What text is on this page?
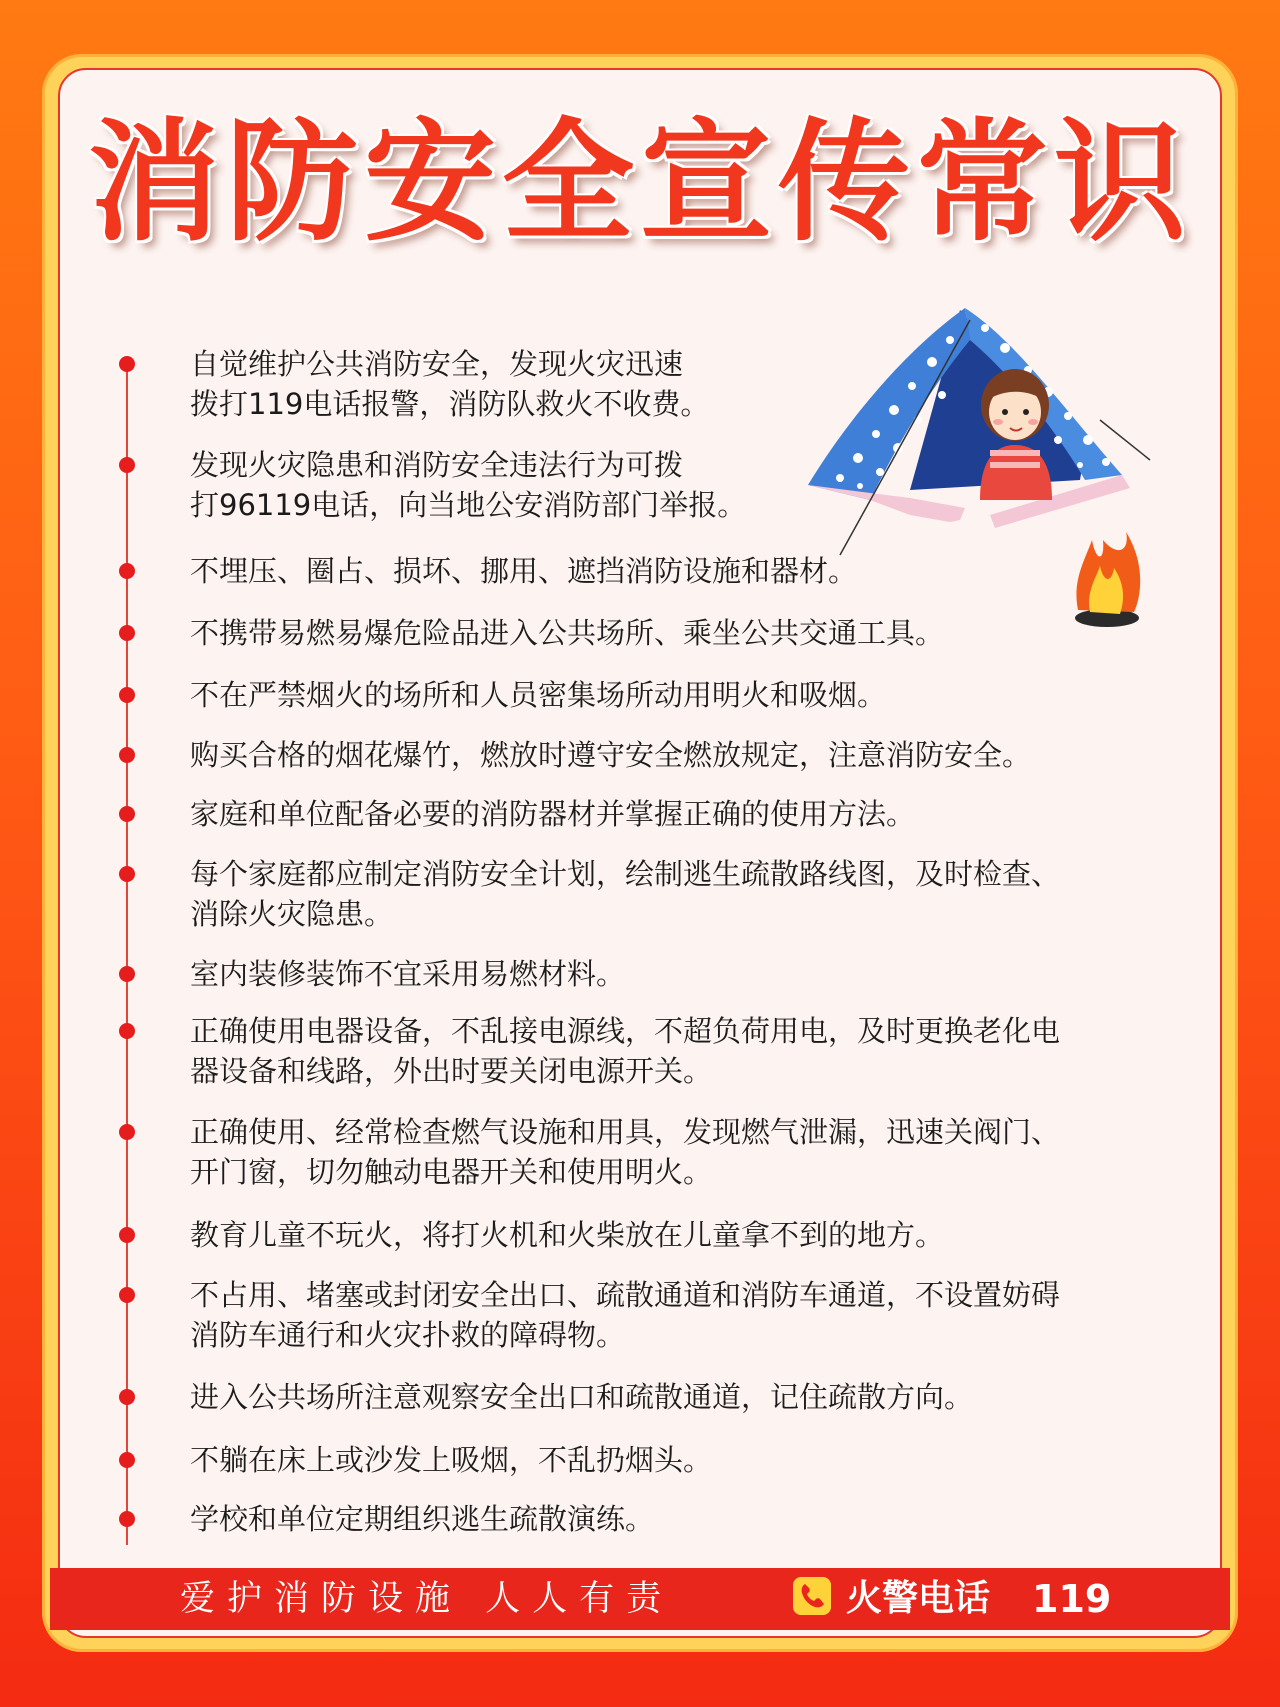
消防安全宣传常识
自觉维护公共消防安全，发现火灾迅速
拨打119电话报警，消防队救火不收费。
发现火灾隐患和消防安全违法行为可拨
打96119电话，向当地公安消防部门举报。
不埋压、圈占、损坏、挪用、遮挡消防设施和器材。
不携带易燃易爆危险品进入公共场所、乘坐公共交通工具。
不在严禁烟火的场所和人员密集场所动用明火和吸烟。
购买合格的烟花爆竹，燃放时遵守安全燃放规定，注意消防安全。
家庭和单位配备必要的消防器材并掌握正确的使用方法。
每个家庭都应制定消防安全计划，绘制逃生疏散路线图，及时检查、
消除火灾隐患。
室内装修装饰不宜采用易燃材料。
正确使用电器设备，不乱接电源线，不超负荷用电，及时更换老化电
器设备和线路，外出时要关闭电源开关。
正确使用、经常检查燃气设施和用具，发现燃气泄漏，迅速关阀门、
开门窗，切勿触动电器开关和使用明火。
教育儿童不玩火，将打火机和火柴放在儿童拿不到的地方。
不占用、堵塞或封闭安全出口、疏散通道和消防车通道，不设置妨碍
消防车通行和火灾扑救的障碍物。
进入公共场所注意观察安全出口和疏散通道，记住疏散方向。
不躺在床上或沙发上吸烟，不乱扔烟头。
学校和单位定期组织逃生疏散演练。
爱护消防设施 人人有责	火警电话 119
